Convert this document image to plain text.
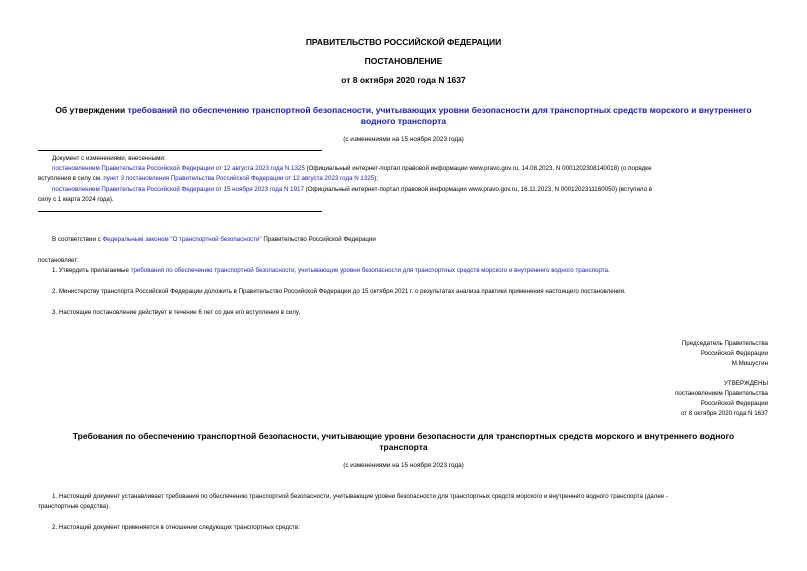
ПРАВИТЕЛЬСТВО РОССИЙСКОЙ ФЕДЕРАЦИИ
ПОСТАНОВЛЕНИЕ
от 8 октября 2020 года N 1637
Об утверждении требований по обеспечению транспортной безопасности, учитывающих уровни безопасности для транспортных средств морского и внутреннего
водного транспорта
(с изменениями на 15 ноября 2023 года)
Документ с изменениями, внесенными:
постановлением Правительства Российской Федерации от 12 августа 2023 года N 1325 (Официальный интернет-портал правовой информации www.pravo.gov.ru, 14.08.2023, N 0001202308140018) (о порядке
вступления в силу см. пункт 3 постановления Правительства Российской Федерации от 12 августа 2023 года N 1325);
постановлением Правительства Российской Федерации от 15 ноября 2023 года N 1917 (Официальный интернет-портал правовой информации www.pravo.gov.ru, 16.11.2023, N 0001202311160050) (вступило в
силу с 1 марта 2024 года).
В соответствии с Федеральным законом "О транспортной безопасности" Правительство Российской Федерации
постановляет:
1. Утвердить прилагаемые требования по обеспечению транспортной безопасности, учитывающие уровни безопасности для транспортных средств морского и внутреннего водного транспорта.
2. Министерству транспорта Российской Федерации доложить в Правительство Российской Федерации до 15 октября 2021 г. о результатах анализа практики применения настоящего постановления.
3. Настоящее постановление действует в течение 6 лет со дня его вступления в силу.
Председатель Правительства
Российской Федерации
М.Мишустин
УТВЕРЖДЕНЫ
постановлением Правительства
Российской Федерации
от 8 октября 2020 года N 1637
Требования по обеспечению транспортной безопасности, учитывающие уровни безопасности для транспортных средств морского и внутреннего водного
транспорта
(с изменениями на 15 ноября 2023 года)
1. Настоящий документ устанавливает требования по обеспечению транспортной безопасности, учитывающие уровни безопасности для транспортных средств морского и внутреннего водного транспорта (далее -
транспортные средства).
2. Настоящий документ применяется в отношении следующих транспортных средств:
